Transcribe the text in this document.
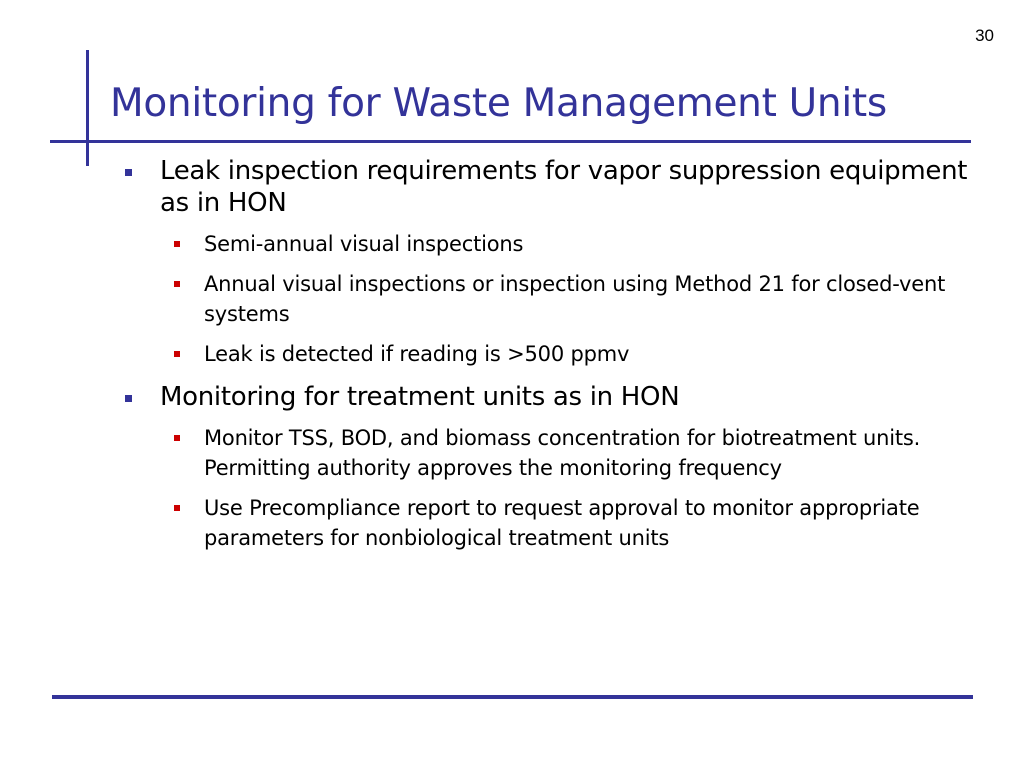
30
Monitoring for Waste Management Units
Leak inspection requirements for vapor suppression equipment as in HON
Semi-annual visual inspections
Annual visual inspections or inspection using Method 21 for closed-vent systems
Leak is detected if reading is >500 ppmv
Monitoring for treatment units as in HON
Monitor TSS, BOD, and biomass concentration for biotreatment units. Permitting authority approves the monitoring frequency
Use Precompliance report to request approval to monitor appropriate parameters for nonbiological treatment units
